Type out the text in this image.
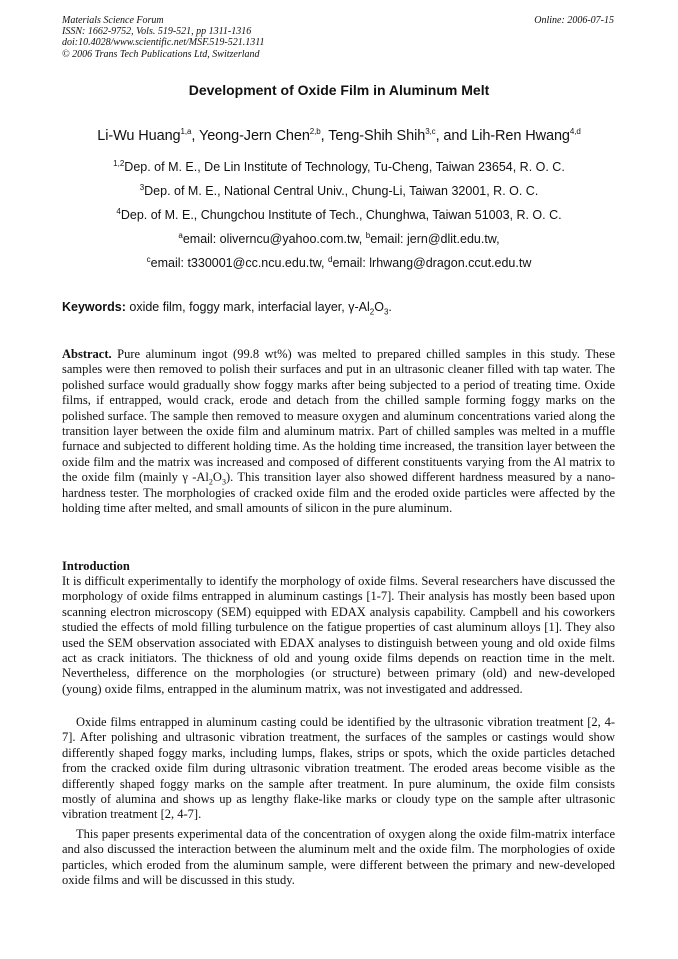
Materials Science Forum
ISSN: 1662-9752, Vols. 519-521, pp 1311-1316
doi:10.4028/www.scientific.net/MSF.519-521.1311
© 2006 Trans Tech Publications Ltd, Switzerland
Online: 2006-07-15
Development of Oxide Film in Aluminum Melt
Li-Wu Huang$^{1,a}$, Yeong-Jern Chen$^{2,b}$, Teng-Shih Shih$^{3,c}$, and Lih-Ren Hwang$^{4,d}$
$^{1,2}$Dep. of M. E., De Lin Institute of Technology, Tu-Cheng, Taiwan 23654, R. O. C.
$^3$Dep. of M. E., National Central Univ., Chung-Li, Taiwan 32001, R. O. C.
$^4$Dep. of M. E., Chungchou Institute of Tech., Chunghwa, Taiwan 51003, R. O. C.
$^a$email: oliverncu@yahoo.com.tw, $^b$email: jern@dlit.edu.tw,
$^c$email: t330001@cc.ncu.edu.tw, $^d$email: lrhwang@dragon.ccut.edu.tw
Keywords: oxide film, foggy mark, interfacial layer, $\gamma-Al_2O_3$.

Abstract. Pure aluminum ingot (99.8 wt%) was melted to prepared chilled samples in this study. These samples were then removed to polish their surfaces and put in an ultrasonic cleaner filled with tap water. The polished surface would gradually show foggy marks after being subjected to a period of treating time. Oxide films, if entrapped, would crack, erode and detach from the chilled sample forming foggy marks on the polished surface. The sample then removed to measure oxygen and aluminum concentrations varied along the transition layer between the oxide film and aluminum matrix. Part of chilled samples was melted in a muffle furnace and subjected to different holding time. As the holding time increased, the transition layer between the oxide film and the matrix was increased and composed of different constituents varying from the Al matrix to the oxide film (mainly γ $-Al_2O_3$). This transition layer also showed different hardness measured by a nano-hardness tester. The morphologies of cracked oxide film and the eroded oxide particles were affected by the holding time after melted, and small amounts of silicon in the pure aluminum.

Introduction

It is difficult experimentally to identify the morphology of oxide films. Several researchers have discussed the morphology of oxide films entrapped in aluminum castings [1-7]. Their analysis has mostly been based upon scanning electron microscopy (SEM) equipped with EDAX analysis capability. Campbell and his coworkers studied the effects of mold filling turbulence on the fatigue properties of cast aluminum alloys [1]. They also used the SEM observation associated with EDAX analyses to distinguish between young and old oxide films act as crack initiators. The thickness of old and young oxide films depends on reaction time in the melt. Nevertheless, difference on the morphologies (or structure) between primary (old) and new-developed (young) oxide films, entrapped in the aluminum matrix, was not investigated and addressed.

Oxide films entrapped in aluminum casting could be identified by the ultrasonic vibration treatment [2, 4-7]. After polishing and ultrasonic vibration treatment, the surfaces of the samples or castings would show differently shaped foggy marks, including lumps, flakes, strips or spots, which the oxide particles detached from the cracked oxide film during ultrasonic vibration treatment. The eroded areas become visible as the differently shaped foggy marks on the sample after treatment. In pure aluminum, the oxide film consists mostly of alumina and shows up as lengthy flake-like marks or cloudy type on the sample after ultrasonic vibration treatment [2, 4-7].

This paper presents experimental data of the concentration of oxygen along the oxide film-matrix interface and also discussed the interaction between the aluminum melt and the oxide film. The morphologies of oxide particles, which eroded from the aluminum sample, were different between the primary and new-developed oxide films and will be discussed in this study.
